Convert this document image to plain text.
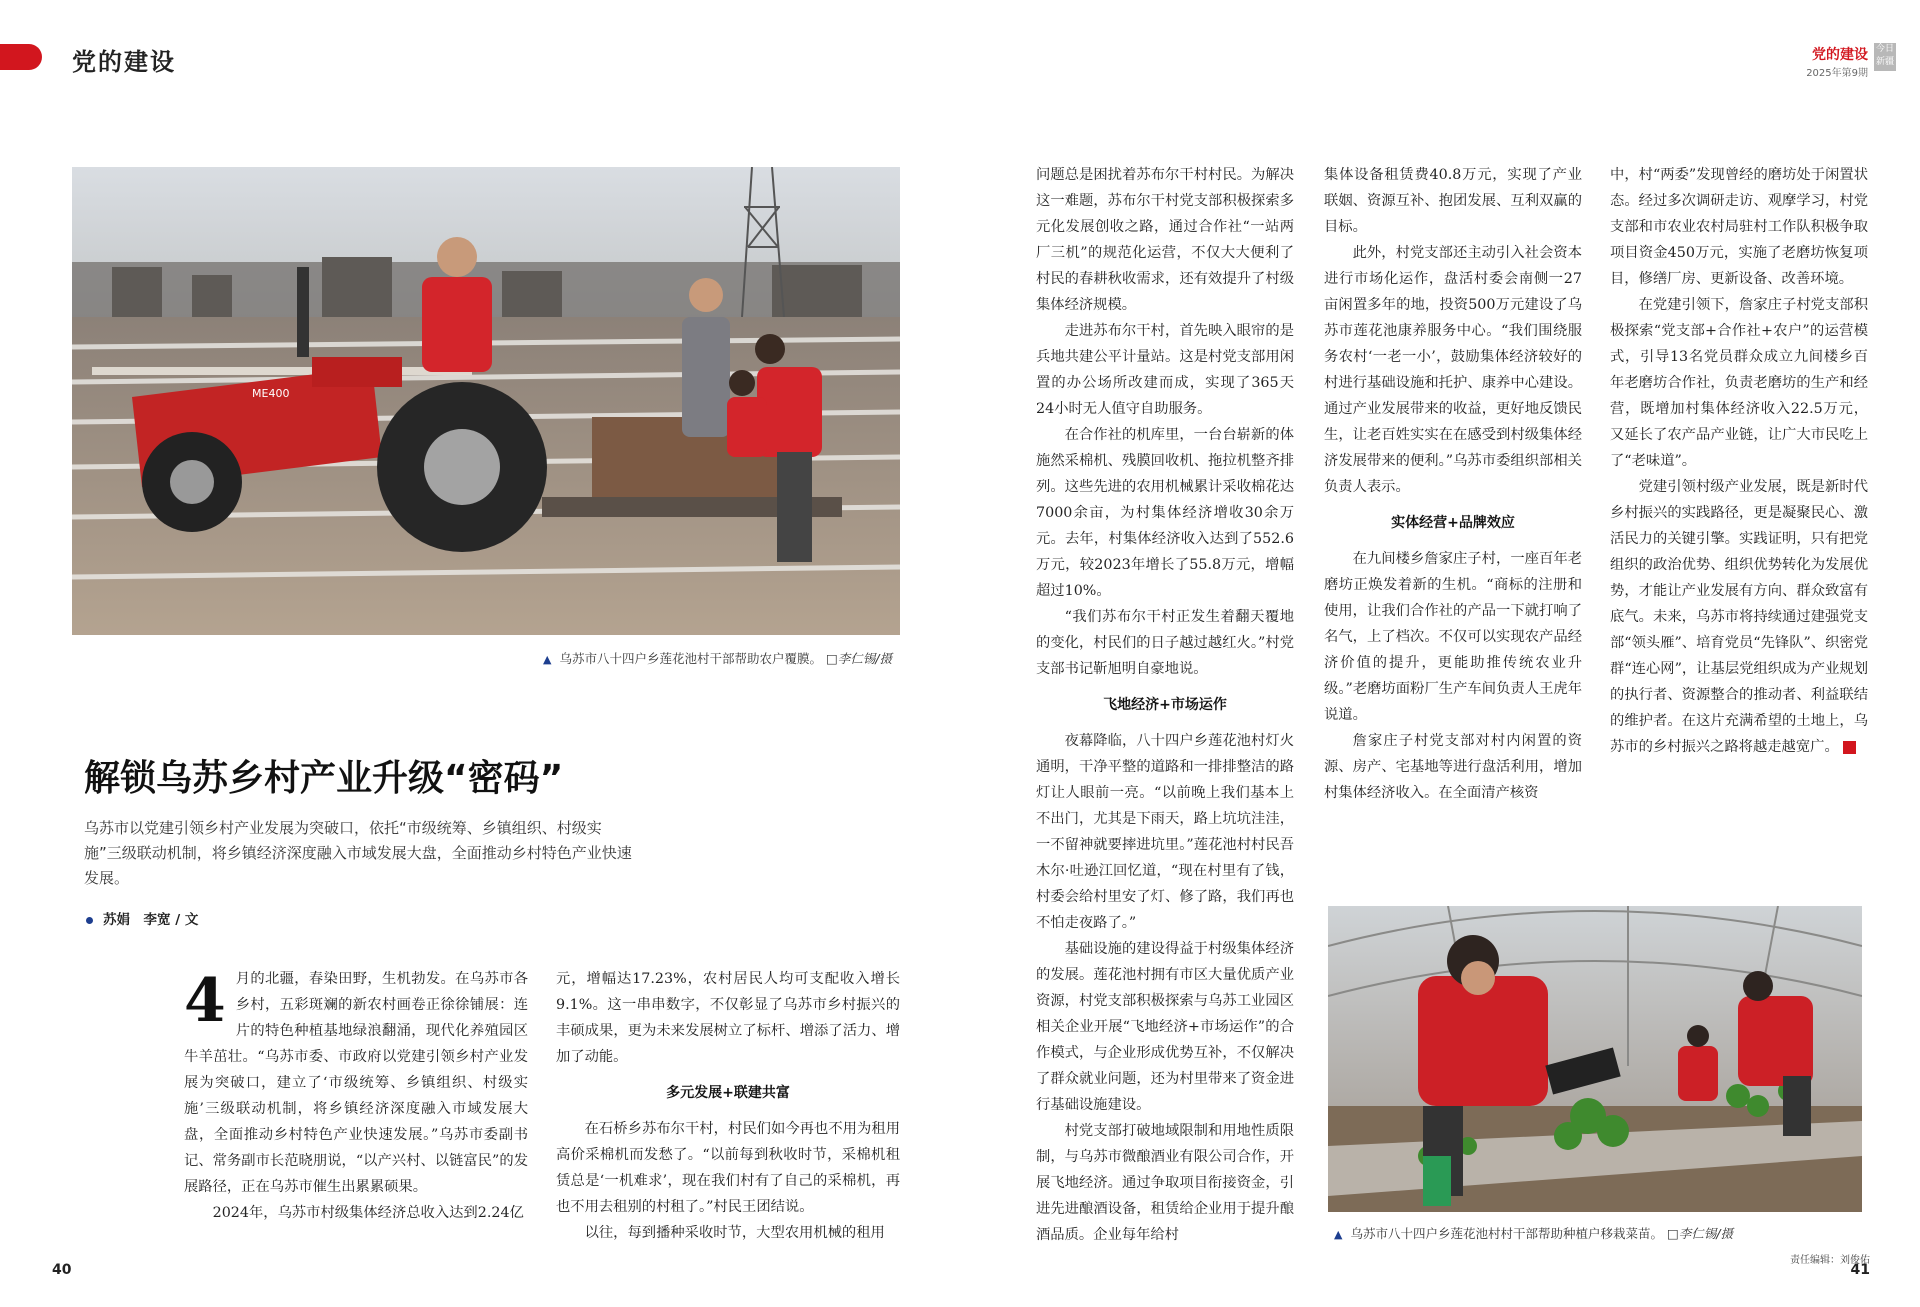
党的建设	党的建设
2025年第9期
今日新疆
ME400
▲ 乌苏市八十四户乡莲花池村干部帮助农户覆膜。 □李仁锡/摄
解锁乌苏乡村产业升级“密码”
乌苏市以党建引领乡村产业发展为突破口，依托“市级统筹、乡镇组织、村级实施”三级联动机制，将乡镇经济深度融入市域发展大盘，全面推动乡村特色产业快速发展。
苏娟　李宽 / 文

4 月的北疆，春染田野，生机勃发。在乌苏市各乡村，五彩斑斓的新农村画卷正徐徐铺展：连片的特色种植基地绿浪翻涌，现代化养殖园区牛羊茁壮。“乌苏市委、市政府以党建引领乡村产业发展为突破口，建立了‘市级统筹、乡镇组织、村级实施’三级联动机制，将乡镇经济深度融入市域发展大盘，全面推动乡村特色产业快速发展。”乌苏市委副书记、常务副市长范晓朋说，“以产兴村、以链富民”的发展路径，正在乌苏市催生出累累硕果。

2024年，乌苏市村级集体经济总收入达到2.24亿

元，增幅达17.23%，农村居民人均可支配收入增长9.1%。这一串串数字，不仅彰显了乌苏市乡村振兴的丰硕成果，更为未来发展树立了标杆、增添了活力、增加了动能。

多元发展+联建共富

在石桥乡苏布尔干村，村民们如今再也不用为租用高价采棉机而发愁了。“以前每到秋收时节，采棉机租赁总是‘一机难求’，现在我们村有了自己的采棉机，再也不用去租别的村租了。”村民王团结说。

以往，每到播种采收时节，大型农用机械的租用

问题总是困扰着苏布尔干村村民。为解决这一难题，苏布尔干村党支部积极探索多元化发展创收之路，通过合作社“一站两厂三机”的规范化运营，不仅大大便利了村民的春耕秋收需求，还有效提升了村级集体经济规模。

走进苏布尔干村，首先映入眼帘的是兵地共建公平计量站。这是村党支部用闲置的办公场所改建而成，实现了365天24小时无人值守自助服务。

在合作社的机库里，一台台崭新的体施然采棉机、残膜回收机、拖拉机整齐排列。这些先进的农用机械累计采收棉花达7000余亩，为村集体经济增收30余万元。去年，村集体经济收入达到了552.6万元，较2023年增长了55.8万元，增幅超过10%。

“我们苏布尔干村正发生着翻天覆地的变化，村民们的日子越过越红火。”村党支部书记靳旭明自豪地说。

飞地经济+市场运作

夜幕降临，八十四户乡莲花池村灯火通明，干净平整的道路和一排排整洁的路灯让人眼前一亮。“以前晚上我们基本上不出门，尤其是下雨天，路上坑坑洼洼，一不留神就要摔进坑里。”莲花池村村民吾木尔·吐逊江回忆道，“现在村里有了钱，村委会给村里安了灯、修了路，我们再也不怕走夜路了。”

基础设施的建设得益于村级集体经济的发展。莲花池村拥有市区大量优质产业资源，村党支部积极探索与乌苏工业园区相关企业开展“飞地经济+市场运作”的合作模式，与企业形成优势互补，不仅解决了群众就业问题，还为村里带来了资金进行基础设施建设。

村党支部打破地域限制和用地性质限制，与乌苏市微酿酒业有限公司合作，开展飞地经济。通过争取项目衔接资金，引进先进酿酒设备，租赁给企业用于提升酿酒品质。企业每年给村

集体设备租赁费40.8万元，实现了产业联姻、资源互补、抱团发展、互利双赢的目标。

此外，村党支部还主动引入社会资本进行市场化运作，盘活村委会南侧一27亩闲置多年的地，投资500万元建设了乌苏市莲花池康养服务中心。“我们围绕服务农村‘一老一小’，鼓励集体经济较好的村进行基础设施和托护、康养中心建设。通过产业发展带来的收益，更好地反馈民生，让老百姓实实在在感受到村级集体经济发展带来的便利。”乌苏市委组织部相关负责人表示。

实体经营+品牌效应

在九间楼乡詹家庄子村，一座百年老磨坊正焕发着新的生机。“商标的注册和使用，让我们合作社的产品一下就打响了名气，上了档次。不仅可以实现农产品经济价值的提升，更能助推传统农业升级。”老磨坊面粉厂生产车间负责人王虎年说道。

詹家庄子村党支部对村内闲置的资源、房产、宅基地等进行盘活利用，增加村集体经济收入。在全面清产核资

中，村“两委”发现曾经的磨坊处于闲置状态。经过多次调研走访、观摩学习，村党支部和市农业农村局驻村工作队积极争取项目资金450万元，实施了老磨坊恢复项目，修缮厂房、更新设备、改善环境。

在党建引领下，詹家庄子村党支部积极探索“党支部+合作社+农户”的运营模式，引导13名党员群众成立九间楼乡百年老磨坊合作社，负责老磨坊的生产和经营，既增加村集体经济收入22.5万元，又延长了农产品产业链，让广大市民吃上了“老味道”。

党建引领村级产业发展，既是新时代乡村振兴的实践路径，更是凝聚民心、激活民力的关键引擎。实践证明，只有把党组织的政治优势、组织优势转化为发展优势，才能让产业发展有方向、群众致富有底气。未来，乌苏市将持续通过建强党支部“领头雁”、培育党员“先锋队”、织密党群“连心网”，让基层党组织成为产业规划的执行者、资源整合的推动者、利益联结的维护者。在这片充满希望的土地上，乌苏市的乡村振兴之路将越走越宽广。

▲ 乌苏市八十四户乡莲花池村村干部帮助种植户移栽菜苗。 □李仁锡/摄
40	41
责任编辑：刘俊佑
